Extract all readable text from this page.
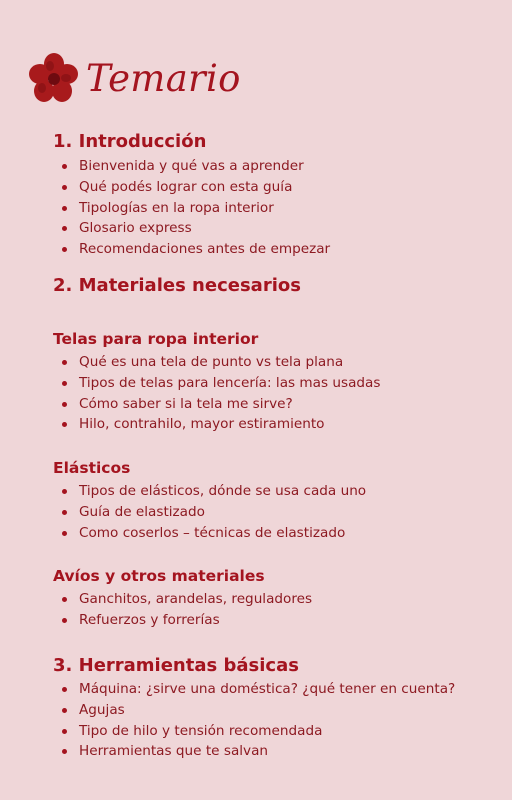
Temario
1. Introducción
Bienvenida y qué vas a aprender
Qué podés lograr con esta guía
Tipologías en la ropa interior
Glosario express
Recomendaciones antes de empezar
2. Materiales necesarios
Telas para ropa interior
Qué es una tela de punto vs tela plana
Tipos de telas para lencería: las mas usadas
Cómo saber si la tela me sirve?
Hilo, contrahilo, mayor estiramiento
Elásticos
Tipos de elásticos, dónde se usa cada uno
Guía de elastizado
Como coserlos – técnicas de elastizado
Avíos y otros materiales
Ganchitos, arandelas, reguladores
Refuerzos y forrerías
3. Herramientas básicas
Máquina: ¿sirve una doméstica? ¿qué tener en cuenta?
Agujas
Tipo de hilo y tensión recomendada
Herramientas que te salvan
